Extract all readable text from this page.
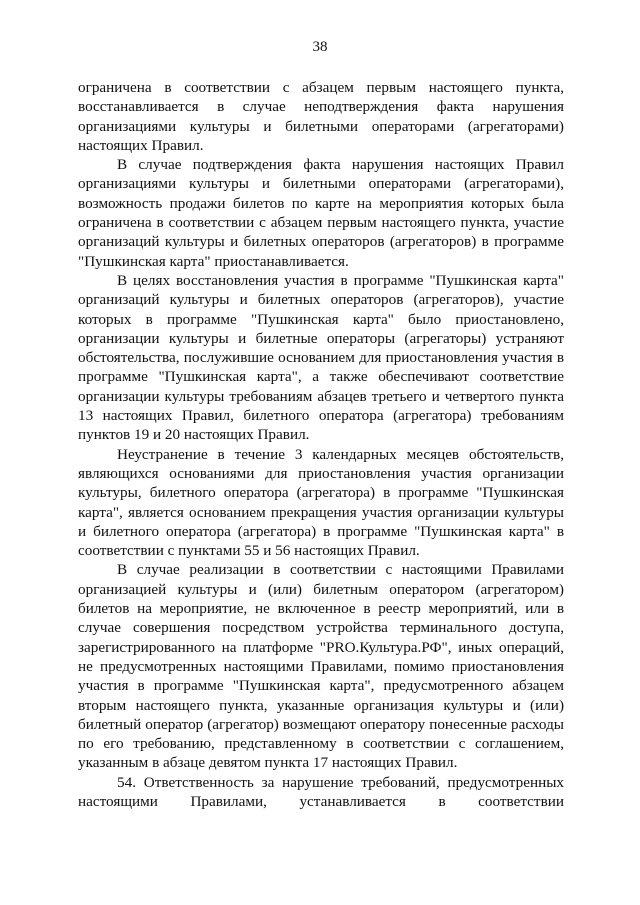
38

ограничена в соответствии с абзацем первым настоящего пункта, восстанавливается в случае неподтверждения факта нарушения организациями культуры и билетными операторами (агрегаторами) настоящих Правил.

В случае подтверждения факта нарушения настоящих Правил организациями культуры и билетными операторами (агрегаторами), возможность продажи билетов по карте на мероприятия которых была ограничена в соответствии с абзацем первым настоящего пункта, участие организаций культуры и билетных операторов (агрегаторов) в программе "Пушкинская карта" приостанавливается.

В целях восстановления участия в программе "Пушкинская карта" организаций культуры и билетных операторов (агрегаторов), участие которых в программе "Пушкинская карта" было приостановлено, организации культуры и билетные операторы (агрегаторы) устраняют обстоятельства, послужившие основанием для приостановления участия в программе "Пушкинская карта", а также обеспечивают соответствие организации культуры требованиям абзацев третьего и четвертого пункта 13 настоящих Правил, билетного оператора (агрегатора) требованиям пунктов 19 и 20 настоящих Правил.

Неустранение в течение 3 календарных месяцев обстоятельств, являющихся основаниями для приостановления участия организации культуры, билетного оператора (агрегатора) в программе "Пушкинская карта", является основанием прекращения участия организации культуры и билетного оператора (агрегатора) в программе "Пушкинская карта" в соответствии с пунктами 55 и 56 настоящих Правил.

В случае реализации в соответствии с настоящими Правилами организацией культуры и (или) билетным оператором (агрегатором) билетов на мероприятие, не включенное в реестр мероприятий, или в случае совершения посредством устройства терминального доступа, зарегистрированного на платформе "PRO.Культура.РФ", иных операций, не предусмотренных настоящими Правилами, помимо приостановления участия в программе "Пушкинская карта", предусмотренного абзацем вторым настоящего пункта, указанные организация культуры и (или) билетный оператор (агрегатор) возмещают оператору понесенные расходы по его требованию, представленному в соответствии с соглашением, указанным в абзаце девятом пункта 17 настоящих Правил.

54. Ответственность за нарушение требований, предусмотренных настоящими Правилами, устанавливается в соответствии
